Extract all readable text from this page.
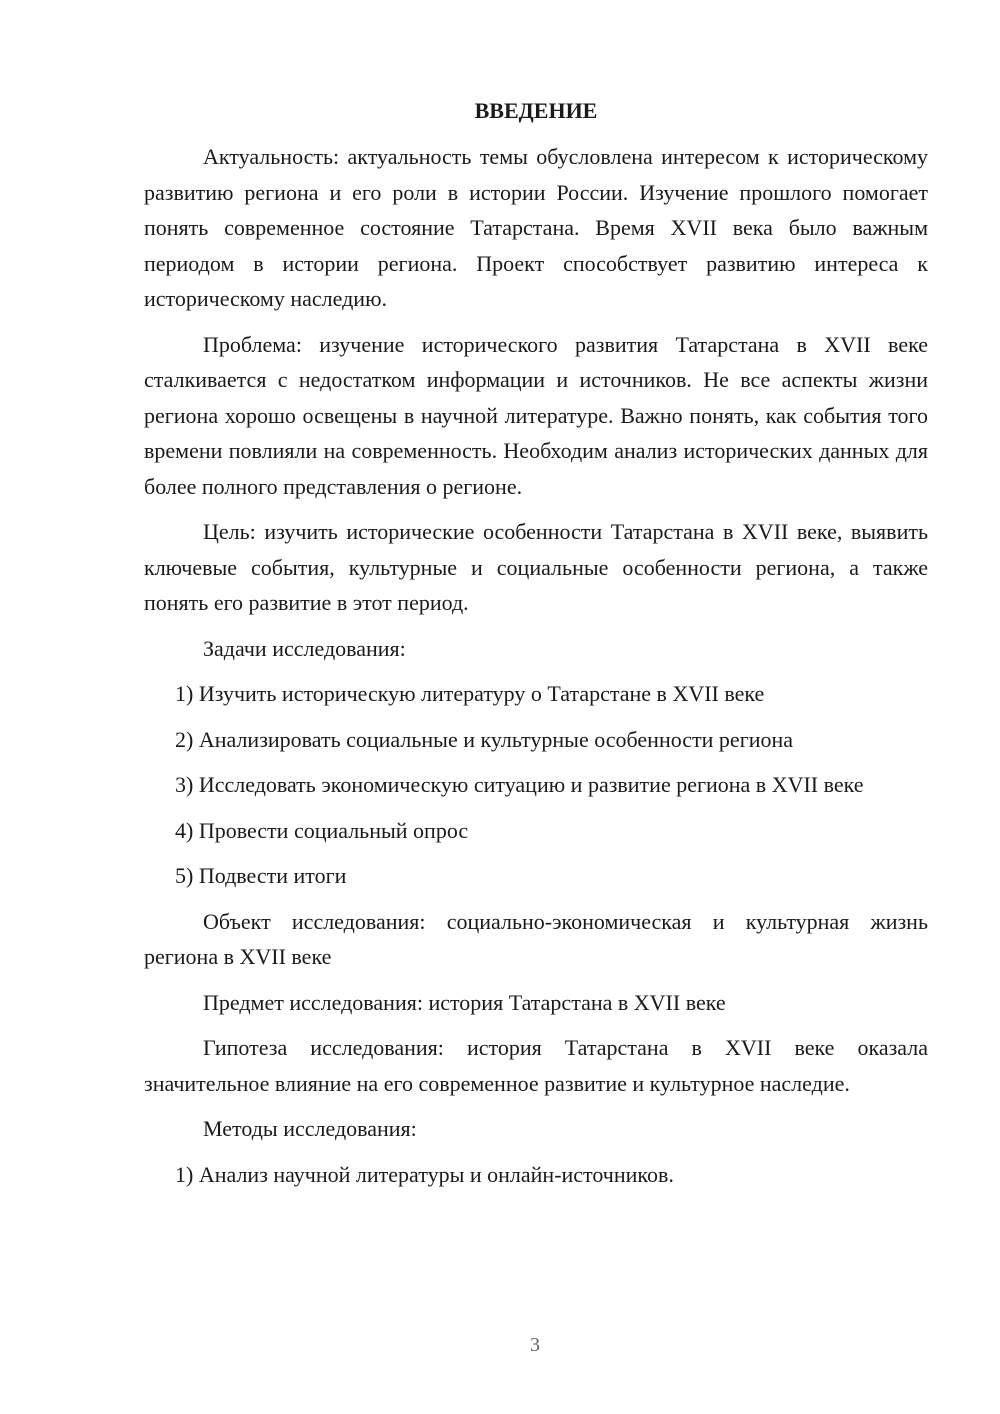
ВВЕДЕНИЕ

Актуальность: актуальность темы обусловлена интересом к историческому развитию региона и его роли в истории России. Изучение прошлого помогает понять современное состояние Татарстана. Время XVII века было важным периодом в истории региона. Проект способствует развитию интереса к историческому наследию.

Проблема: изучение исторического развития Татарстана в XVII веке сталкивается с недостатком информации и источников. Не все аспекты жизни региона хорошо освещены в научной литературе. Важно понять, как события того времени повлияли на современность. Необходим анализ исторических данных для более полного представления о регионе.

Цель: изучить исторические особенности Татарстана в XVII веке, выявить ключевые события, культурные и социальные особенности региона, а также понять его развитие в этот период.

Задачи исследования:

1) Изучить историческую литературу о Татарстане в XVII веке

2) Анализировать социальные и культурные особенности региона

3) Исследовать экономическую ситуацию и развитие региона в XVII веке

4) Провести социальный опрос

5) Подвести итоги

Объект исследования: социально-экономическая и культурная жизнь региона в XVII веке

Предмет исследования: история Татарстана в XVII веке

Гипотеза исследования: история Татарстана в XVII веке оказала значительное влияние на его современное развитие и культурное наследие.

Методы исследования:

1) Анализ научной литературы и онлайн-источников.

3
